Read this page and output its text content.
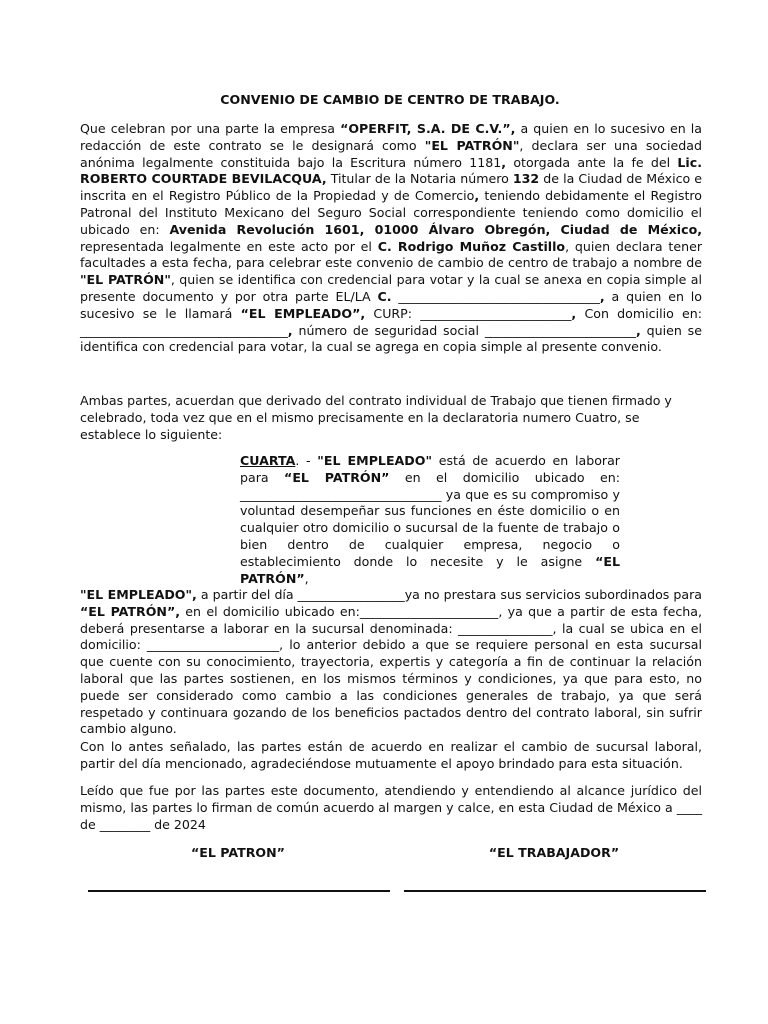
CONVENIO DE CAMBIO DE CENTRO DE TRABAJO.

Que celebran por una parte la empresa “OPERFIT, S.A. DE C.V.”, a quien en lo sucesivo en la redacción de este contrato se le designará como "EL PATRÓN", declara ser una sociedad anónima legalmente constituida bajo la Escritura número 1181, otorgada ante la fe del Lic. ROBERTO COURTADE BEVILACQUA, Titular de la Notaria número 132 de la Ciudad de México e inscrita en el Registro Público de la Propiedad y de Comercio, teniendo debidamente el Registro Patronal del Instituto Mexicano del Seguro Social correspondiente teniendo como domicilio el ubicado en: Avenida Revolución 1601, 01000 Álvaro Obregón, Ciudad de México, representada legalmente en este acto por el C. Rodrigo Muñoz Castillo, quien declara tener facultades a esta fecha, para celebrar este convenio de cambio de centro de trabajo a nombre de "EL PATRÓN", quien se identifica con credencial para votar y la cual se anexa en copia simple al presente documento y por otra parte EL/LA C. ________________________________, a quien en lo sucesivo se le llamará “EL EMPLEADO”, CURP: ________________________, Con domicilio en: _________________________________, número de seguridad social ________________________, quien se identifica con credencial para votar, la cual se agrega en copia simple al presente convenio.

Ambas partes, acuerdan que derivado del contrato individual de Trabajo que tienen firmado y celebrado, toda vez que en el mismo precisamente en la declaratoria numero Cuatro, se establece lo siguiente:

CUARTA. - "EL EMPLEADO" está de acuerdo en laborar para “EL PATRÓN” en el domicilio ubicado en: ________________________________ ya que es su compromiso y voluntad desempeñar sus funciones en éste domicilio o en cualquier otro domicilio o sucursal de la fuente de trabajo o bien dentro de cualquier empresa, negocio o establecimiento donde lo necesite y le asigne “EL PATRÓN”,

"EL EMPLEADO", a partir del día _________________ya no prestara sus servicios subordinados para “EL PATRÓN”, en el domicilio ubicado en:______________________, ya que a partir de esta fecha, deberá presentarse a laborar en la sucursal denominada: _______________, la cual se ubica en el domicilio: _____________________, lo anterior debido a que se requiere personal en esta sucursal que cuente con su conocimiento, trayectoria, expertis y categoría a fin de continuar la relación laboral que las partes sostienen, en los mismos términos y condiciones, ya que para esto, no puede ser considerado como cambio a las condiciones generales de trabajo, ya que será respetado y continuara gozando de los beneficios pactados dentro del contrato laboral, sin sufrir cambio alguno.

Con lo antes señalado, las partes están de acuerdo en realizar el cambio de sucursal laboral, partir del día mencionado, agradeciéndose mutuamente el apoyo brindado para esta situación.

Leído que fue por las partes este documento, atendiendo y entendiendo al alcance jurídico del mismo, las partes lo firman de común acuerdo al margen y calce, en esta Ciudad de México a ____ de ________ de 2024

“EL PATRON”	“EL TRABAJADOR”
